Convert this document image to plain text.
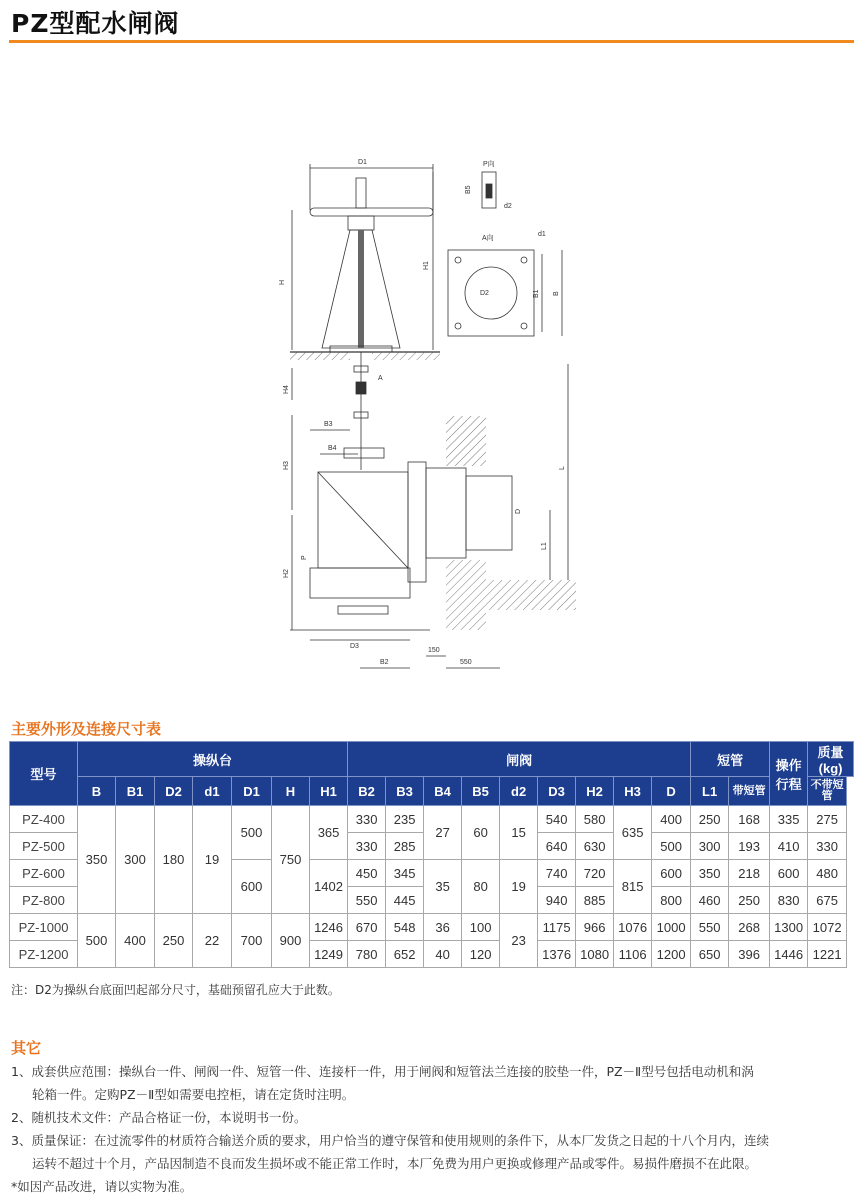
PZ型配水闸阀
D1
H
H1
H4
H3
H2
P向
B5
d2
A向
d1
D2	B1 B
A
B3
B4
D3
P
D
L1
L
B2
150
550
主要外形及连接尺寸表
型号	操纵台							闸阀									短管		操作行程	质量(kg)
	B	B1	D2	d1	D1	H	H1	B2	B3	B4	B5	d2	D3	H2	H3	D	L1	带短管		不带短管
PZ-400	350	300	180	19	500	750	365	330	235	27	60	15	540	580	635	400	250	168	335	275
PZ-500								330	285				640	630		500	300	193	410	330
PZ-600					600		1402	450	345	35	80	19	740	720	815	600	350	218	600	480
PZ-800								550	445				940	885		800	460	250	830	675
PZ-1000	500	400	250	22	700	900	1246	670	548	36	100	23	1175	966	1076	1000	550	268	1300	1072
PZ-1200							1249	780	652	40	120		1376	1080	1106	1200	650	396	1446	1221
注：D2为操纵台底面凹起部分尺寸，基础预留孔应大于此数。
其它

1、成套供应范围：操纵台一件、闸阀一件、短管一件、连接杆一件，用于闸阀和短管法兰连接的胶垫一件，PZ－Ⅱ型号包括电动机和涡

轮箱一件。定购PZ－Ⅱ型如需要电控柜，请在定货时注明。

2、随机技术文件：产品合格证一份，本说明书一份。

3、质量保证：在过流零件的材质符合输送介质的要求，用户恰当的遵守保管和使用规则的条件下，从本厂发货之日起的十八个月内，连续

运转不超过十个月，产品因制造不良而发生损坏或不能正常工作时，本厂免费为用户更换或修理产品或零件。易损件磨损不在此限。

*如因产品改进，请以实物为准。
